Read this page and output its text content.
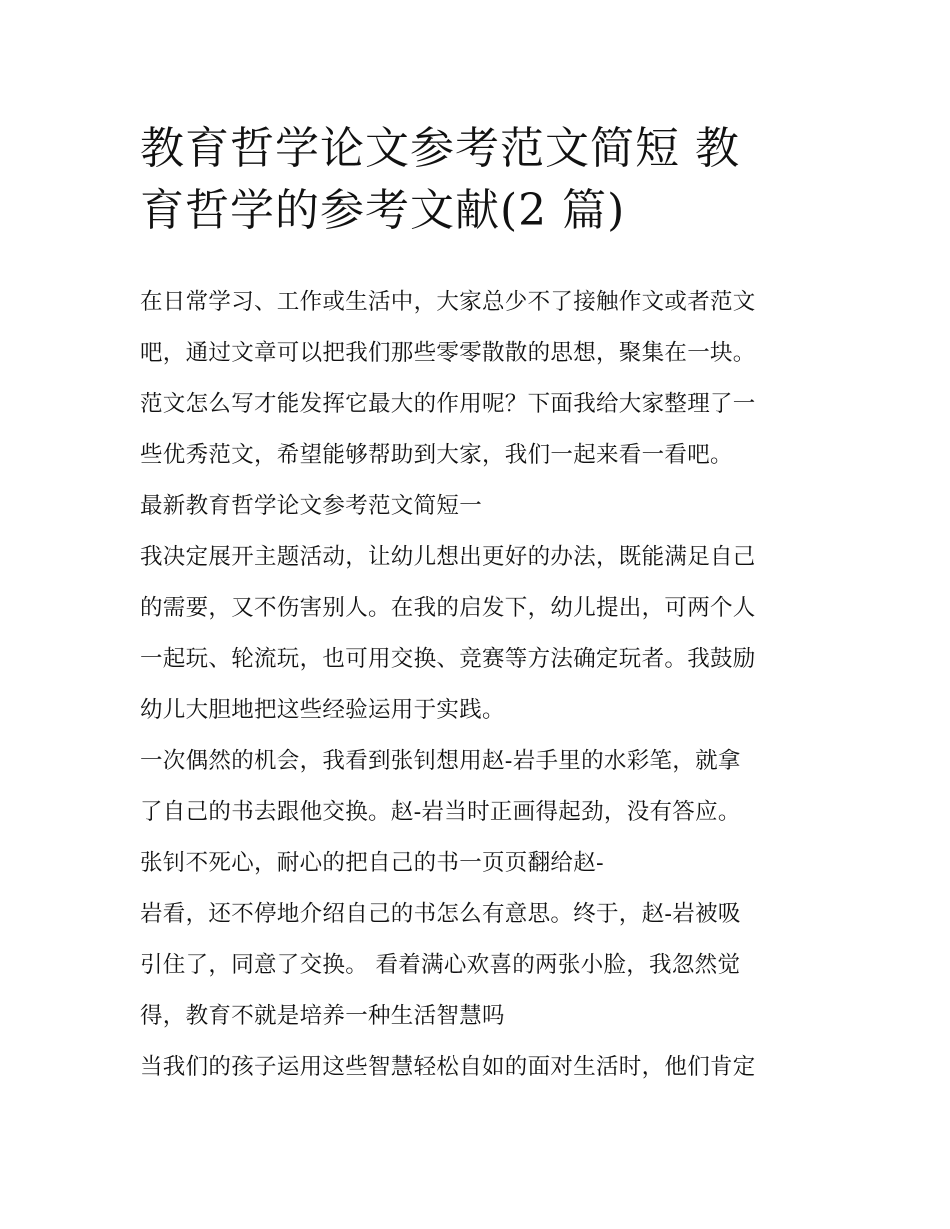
教育哲学论文参考范文简短 教
育哲学的参考文献(2 篇)
在日常学习、工作或生活中，大家总少不了接触作文或者范文
吧，通过文章可以把我们那些零零散散的思想，聚集在一块。
范文怎么写才能发挥它最大的作用呢？下面我给大家整理了一
些优秀范文，希望能够帮助到大家，我们一起来看一看吧。
最新教育哲学论文参考范文简短一
我决定展开主题活动，让幼儿想出更好的办法，既能满足自己
的需要，又不伤害别人。在我的启发下，幼儿提出，可两个人
一起玩、轮流玩，也可用交换、竞赛等方法确定玩者。我鼓励
幼儿大胆地把这些经验运用于实践。
一次偶然的机会，我看到张钊想用赵-岩手里的水彩笔，就拿
了自己的书去跟他交换。赵-岩当时正画得起劲，没有答应。
张钊不死心，耐心的把自己的书一页页翻给赵-
岩看，还不停地介绍自己的书怎么有意思。终于，赵-岩被吸
引住了，同意了交换。 看着满心欢喜的两张小脸，我忽然觉
得，教育不就是培养一种生活智慧吗
当我们的孩子运用这些智慧轻松自如的面对生活时，他们肯定
